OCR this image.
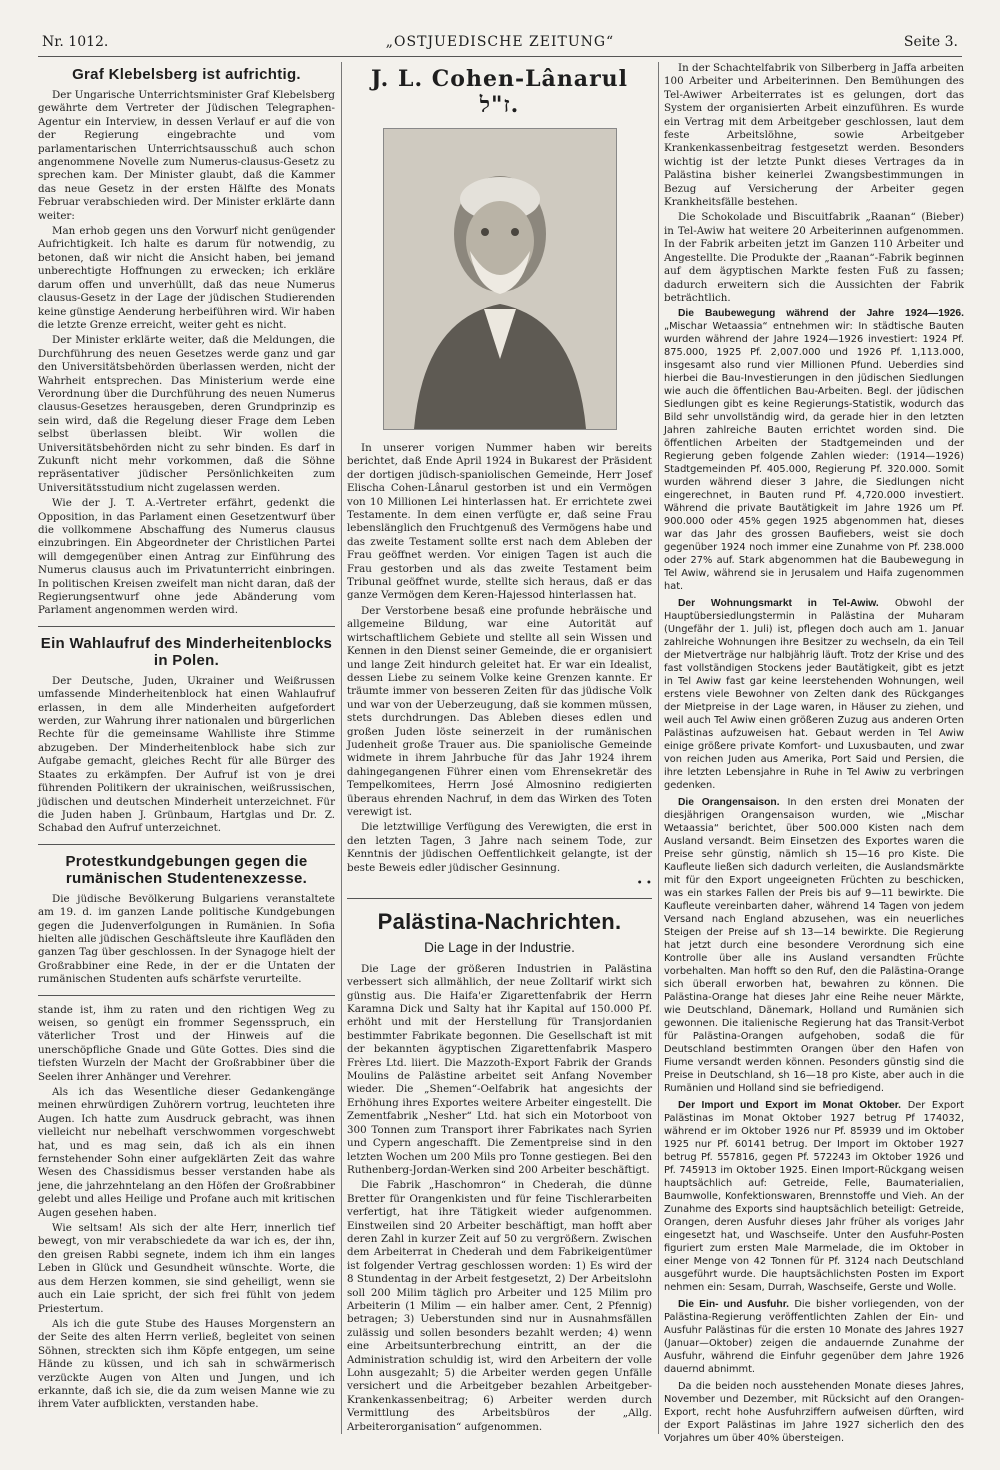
Nr. 1012.	„OSTJUEDISCHE ZEITUNG“	Seite 3.
Graf Klebelsberg ist aufrichtig.

Der Ungarische Unterrichtsminister Graf Klebelsberg gewährte dem Vertreter der Jüdischen Telegraphen-Agentur ein Interview, in dessen Verlauf er auf die von der Regierung eingebrachte und vom parlamentarischen Unterrichtsausschuß auch schon angenommene Novelle zum Numerus-clausus-Gesetz zu sprechen kam. Der Minister glaubt, daß die Kammer das neue Gesetz in der ersten Hälfte des Monats Februar verabschieden wird. Der Minister erklärte dann weiter:

Man erhob gegen uns den Vorwurf nicht genügender Aufrichtigkeit. Ich halte es darum für notwendig, zu betonen, daß wir nicht die Ansicht haben, bei jemand unberechtigte Hoffnungen zu erwecken; ich erkläre darum offen und unverhüllt, daß das neue Numerus clausus-Gesetz in der Lage der jüdischen Studierenden keine günstige Aenderung herbeiführen wird. Wir haben die letzte Grenze erreicht, weiter geht es nicht.

Der Minister erklärte weiter, daß die Meldungen, die Durchführung des neuen Gesetzes werde ganz und gar den Universitätsbehörden überlassen werden, nicht der Wahrheit entsprechen. Das Ministerium werde eine Verordnung über die Durchführung des neuen Numerus clausus-Gesetzes herausgeben, deren Grundprinzip es sein wird, daß die Regelung dieser Frage dem Leben selbst überlassen bleibt. Wir wollen die Universitätsbehörden nicht zu sehr binden. Es darf in Zukunft nicht mehr vorkommen, daß die Söhne repräsentativer jüdischer Persönlichkeiten zum Universitätsstudium nicht zugelassen werden.

Wie der J. T. A.-Vertreter erfährt, gedenkt die Opposition, in das Parlament einen Gesetzentwurf über die vollkommene Abschaffung des Numerus clausus einzubringen. Ein Abgeordneter der Christlichen Partei will demgegenüber einen Antrag zur Einführung des Numerus clausus auch im Privatunterricht einbringen. In politischen Kreisen zweifelt man nicht daran, daß der Regierungsentwurf ohne jede Abänderung vom Parlament angenommen werden wird.

Ein Wahlaufruf des Minderheitenblocks in Polen.

Der Deutsche, Juden, Ukrainer und Weißrussen umfassende Minderheitenblock hat einen Wahlaufruf erlassen, in dem alle Minderheiten aufgefordert werden, zur Wahrung ihrer nationalen und bürgerlichen Rechte für die gemeinsame Wahlliste ihre Stimme abzugeben. Der Minderheitenblock habe sich zur Aufgabe gemacht, gleiches Recht für alle Bürger des Staates zu erkämpfen. Der Aufruf ist von je drei führenden Politikern der ukrainischen, weißrussischen, jüdischen und deutschen Minderheit unterzeichnet. Für die Juden haben J. Grünbaum, Hartglas und Dr. Z. Schabad den Aufruf unterzeichnet.

Protestkundgebungen gegen die rumänischen Studentenexzesse.

Die jüdische Bevölkerung Bulgariens veranstaltete am 19. d. im ganzen Lande politische Kundgebungen gegen die Judenverfolgungen in Rumänien. In Sofia hielten alle jüdischen Geschäftsleute ihre Kaufläden den ganzen Tag über geschlossen. In der Synagoge hielt der Großrabbiner eine Rede, in der er die Untaten der rumänischen Studenten aufs schärfste verurteilte.

stande ist, ihm zu raten und den richtigen Weg zu weisen, so genügt ein frommer Segensspruch, ein väterlicher Trost und der Hinweis auf die unerschöpfliche Gnade und Güte Gottes. Dies sind die tiefsten Wurzeln der Macht der Großrabbiner über die Seelen ihrer Anhänger und Verehrer.

Als ich das Wesentliche dieser Gedankengänge meinen ehrwürdigen Zuhörern vortrug, leuchteten ihre Augen. Ich hatte zum Ausdruck gebracht, was ihnen vielleicht nur nebelhaft verschwommen vorgeschwebt hat, und es mag sein, daß ich als ein ihnen fernstehender Sohn einer aufgeklärten Zeit das wahre Wesen des Chassidismus besser verstanden habe als jene, die jahrzehntelang an den Höfen der Großrabbiner gelebt und alles Heilige und Profane auch mit kritischen Augen gesehen haben.

Wie seltsam! Als sich der alte Herr, innerlich tief bewegt, von mir verabschiedete da war ich es, der ihn, den greisen Rabbi segnete, indem ich ihm ein langes Leben in Glück und Gesundheit wünschte. Worte, die aus dem Herzen kommen, sie sind geheiligt, wenn sie auch ein Laie spricht, der sich frei fühlt von jedem Priestertum.

Als ich die gute Stube des Hauses Morgenstern an der Seite des alten Herrn verließ, begleitet von seinen Söhnen, streckten sich ihm Köpfe entgegen, um seine Hände zu küssen, und ich sah in schwärmerisch verzückte Augen von Alten und Jungen, und ich erkannte, daß ich sie, die da zum weisen Manne wie zu ihrem Vater aufblickten, verstanden habe.

J. L. Cohen-Lânarul ז"ל.

In unserer vorigen Nummer haben wir bereits berichtet, daß Ende April 1924 in Bukarest der Präsident der dortigen jüdisch-spaniolischen Gemeinde, Herr Josef Elischa Cohen-Lânarul gestorben ist und ein Vermögen von 10 Millionen Lei hinterlassen hat. Er errichtete zwei Testamente. In dem einen verfügte er, daß seine Frau lebenslänglich den Fruchtgenuß des Vermögens habe und das zweite Testament sollte erst nach dem Ableben der Frau geöffnet werden. Vor einigen Tagen ist auch die Frau gestorben und als das zweite Testament beim Tribunal geöffnet wurde, stellte sich heraus, daß er das ganze Vermögen dem Keren-Hajessod hinterlassen hat.

Der Verstorbene besaß eine profunde hebräische und allgemeine Bildung, war eine Autorität auf wirtschaftlichem Gebiete und stellte all sein Wissen und Kennen in den Dienst seiner Gemeinde, die er organisiert und lange Zeit hindurch geleitet hat. Er war ein Idealist, dessen Liebe zu seinem Volke keine Grenzen kannte. Er träumte immer von besseren Zeiten für das jüdische Volk und war von der Ueberzeugung, daß sie kommen müssen, stets durchdrungen. Das Ableben dieses edlen und großen Juden löste seinerzeit in der rumänischen Judenheit große Trauer aus. Die spaniolische Gemeinde widmete in ihrem Jahrbuche für das Jahr 1924 ihrem dahingegangenen Führer einen vom Ehrensekretär des Tempelkomitees, Herrn José Almosnino redigierten überaus ehrenden Nachruf, in dem das Wirken des Toten verewigt ist.

Die letztwillige Verfügung des Verewigten, die erst in den letzten Tagen, 3 Jahre nach seinem Tode, zur Kenntnis der jüdischen Oeffentlichkeit gelangte, ist der beste Beweis edler jüdischer Gesinnung.

• •
Palästina-Nachrichten.
Die Lage in der Industrie.

Die Lage der größeren Industrien in Palästina verbessert sich allmählich, der neue Zolltarif wirkt sich günstig aus. Die Haifa'er Zigarettenfabrik der Herrn Karamna Dick und Salty hat ihr Kapital auf 150.000 Pf. erhöht und mit der Herstellung für Transjordanien bestimmter Fabrikate begonnen. Die Gesellschaft ist mit der bekannten ägyptischen Zigarettenfabrik Maspero Frères Ltd. liiert. Die Mazzoth-Export Fabrik der Grands Moulins de Palästine arbeitet seit Anfang November wieder. Die „Shemen“-Oelfabrik hat angesichts der Erhöhung ihres Exportes weitere Arbeiter eingestellt. Die Zementfabrik „Nesher“ Ltd. hat sich ein Motorboot von 300 Tonnen zum Transport ihrer Fabrikates nach Syrien und Cypern angeschafft. Die Zementpreise sind in den letzten Wochen um 200 Mils pro Tonne gestiegen. Bei den Ruthenberg-Jordan-Werken sind 200 Arbeiter beschäftigt.

Die Fabrik „Haschomron“ in Chederah, die dünne Bretter für Orangenkisten und für feine Tischlerarbeiten verfertigt, hat ihre Tätigkeit wieder aufgenommen. Einstweilen sind 20 Arbeiter beschäftigt, man hofft aber deren Zahl in kurzer Zeit auf 50 zu vergrößern. Zwischen dem Arbeiterrat in Chederah und dem Fabrikeigentümer ist folgender Vertrag geschlossen worden: 1) Es wird der 8 Stundentag in der Arbeit festgesetzt, 2) Der Arbeitslohn soll 200 Milim täglich pro Arbeiter und 125 Milim pro Arbeiterin (1 Milim — ein halber amer. Cent, 2 Pfennig) betragen; 3) Ueberstunden sind nur in Ausnahmsfällen zulässig und sollen besonders bezahlt werden; 4) wenn eine Arbeitsunterbrechung eintritt, an der die Administration schuldig ist, wird den Arbeitern der volle Lohn ausgezahlt; 5) die Arbeiter werden gegen Unfälle versichert und die Arbeitgeber bezahlen Arbeitgeber-Krankenkassenbeitrag; 6) Arbeiter werden durch Vermittlung des Arbeitsbüros der „Allg. Arbeiterorganisation“ aufgenommen.

In der Schachtelfabrik von Silberberg in Jaffa arbeiten 100 Arbeiter und Arbeiterinnen. Den Bemühungen des Tel-Awiwer Arbeiterrates ist es gelungen, dort das System der organisierten Arbeit einzuführen. Es wurde ein Vertrag mit dem Arbeitgeber geschlossen, laut dem feste Arbeitslöhne, sowie Arbeitgeber Krankenkassenbeitrag festgesetzt werden. Besonders wichtig ist der letzte Punkt dieses Vertrages da in Palästina bisher keinerlei Zwangsbestimmungen in Bezug auf Versicherung der Arbeiter gegen Krankheitsfälle bestehen.

Die Schokolade und Biscuitfabrik „Raanan“ (Bieber) in Tel-Awiw hat weitere 20 Arbeiterinnen aufgenommen. In der Fabrik arbeiten jetzt im Ganzen 110 Arbeiter und Angestellte. Die Produkte der „Raanan“-Fabrik beginnen auf dem ägyptischen Markte festen Fuß zu fassen; dadurch erweitern sich die Aussichten der Fabrik beträchtlich.

Die Baubewegung während der Jahre 1924—1926. „Mischar Wetaassia“ entnehmen wir: In städtische Bauten wurden während der Jahre 1924—1926 investiert: 1924 Pf. 875.000, 1925 Pf. 2,007.000 und 1926 Pf. 1,113.000, insgesamt also rund vier Millionen Pfund. Ueberdies sind hierbei die Bau-Investierungen in den jüdischen Siedlungen wie auch die öffentlichen Bau-Arbeiten. Begl. der jüdischen Siedlungen gibt es keine Regierungs-Statistik, wodurch das Bild sehr unvollständig wird, da gerade hier in den letzten Jahren zahlreiche Bauten errichtet worden sind. Die öffentlichen Arbeiten der Stadtgemeinden und der Regierung geben folgende Zahlen wieder: (1914—1926) Stadtgemeinden Pf. 405.000, Regierung Pf. 320.000. Somit wurden während dieser 3 Jahre, die Siedlungen nicht eingerechnet, in Bauten rund Pf. 4,720.000 investiert. Während die private Bautätigkeit im Jahre 1926 um Pf. 900.000 oder 45% gegen 1925 abgenommen hat, dieses war das Jahr des grossen Baufiebers, weist sie doch gegenüber 1924 noch immer eine Zunahme von Pf. 238.000 oder 27% auf. Stark abgenommen hat die Baubewegung in Tel Awiw, während sie in Jerusalem und Haifa zugenommen hat.

Der Wohnungsmarkt in Tel-Awiw. Obwohl der Hauptübersiedlungstermin in Palästina der Muharam (Ungefähr der 1. Juli) ist, pflegen doch auch am 1. Januar zahlreiche Wohnungen ihre Besitzer zu wechseln, da ein Teil der Mietverträge nur halbjährig läuft. Trotz der Krise und des fast vollständigen Stockens jeder Bautätigkeit, gibt es jetzt in Tel Awiw fast gar keine leerstehenden Wohnungen, weil erstens viele Bewohner von Zelten dank des Rückganges der Mietpreise in der Lage waren, in Häuser zu ziehen, und weil auch Tel Awiw einen größeren Zuzug aus anderen Orten Palästinas aufzuweisen hat. Gebaut werden in Tel Awiw einige größere private Komfort- und Luxusbauten, und zwar von reichen Juden aus Amerika, Port Said und Persien, die ihre letzten Lebensjahre in Ruhe in Tel Awiw zu verbringen gedenken.

Die Orangensaison. In den ersten drei Monaten der diesjährigen Orangensaison wurden, wie „Mischar Wetaassia“ berichtet, über 500.000 Kisten nach dem Ausland versandt. Beim Einsetzen des Exportes waren die Preise sehr günstig, nämlich sh 15—16 pro Kiste. Die Kaufleute ließen sich dadurch verleiten, die Auslandsmärkte mit für den Export ungeeigneten Früchten zu beschicken, was ein starkes Fallen der Preis bis auf 9—11 bewirkte. Die Kaufleute vereinbarten daher, während 14 Tagen von jedem Versand nach England abzusehen, was ein neuerliches Steigen der Preise auf sh 13—14 bewirkte. Die Regierung hat jetzt durch eine besondere Verordnung sich eine Kontrolle über alle ins Ausland versandten Früchte vorbehalten. Man hofft so den Ruf, den die Palästina-Orange sich überall erworben hat, bewahren zu können. Die Palästina-Orange hat dieses Jahr eine Reihe neuer Märkte, wie Deutschland, Dänemark, Holland und Rumänien sich gewonnen. Die italienische Regierung hat das Transit-Verbot für Palästina-Orangen aufgehoben, sodaß die für Deutschland bestimmten Orangen über den Hafen von Fiume versandt werden können. Pesonders günstig sind die Preise in Deutschland, sh 16—18 pro Kiste, aber auch in die Rumänien und Holland sind sie befriedigend.

Der Import und Export im Monat Oktober. Der Export Palästinas im Monat Oktober 1927 betrug Pf 174032, während er im Oktober 1926 nur Pf. 85939 und im Oktober 1925 nur Pf. 60141 betrug. Der Import im Oktober 1927 betrug Pf. 557816, gegen Pf. 572243 im Oktober 1926 und Pf. 745913 im Oktober 1925. Einen Import-Rückgang weisen hauptsächlich auf: Getreide, Felle, Baumaterialien, Baumwolle, Konfektionswaren, Brennstoffe und Vieh. An der Zunahme des Exports sind hauptsächlich beteiligt: Getreide, Orangen, deren Ausfuhr dieses Jahr früher als voriges Jahr eingesetzt hat, und Waschseife. Unter den Ausfuhr-Posten figuriert zum ersten Male Marmelade, die im Oktober in einer Menge von 42 Tonnen für Pf. 3124 nach Deutschland ausgeführt wurde. Die hauptsächlichsten Posten im Export nehmen ein: Sesam, Durrah, Waschseife, Gerste und Wolle.

Die Ein- und Ausfuhr. Die bisher vorliegenden, von der Palästina-Regierung veröffentlichten Zahlen der Ein- und Ausfuhr Palästinas für die ersten 10 Monate des Jahres 1927 (Januar—Oktober) zeigen die andauernde Zunahme der Ausfuhr, während die Einfuhr gegenüber dem Jahre 1926 dauernd abnimmt.

Da die beiden noch ausstehenden Monate dieses Jahres, November und Dezember, mit Rücksicht auf den Orangen-Export, recht hohe Ausfuhrziffern aufweisen dürften, wird der Export Palästinas im Jahre 1927 sicherlich den des Vorjahres um über 40% übersteigen.
